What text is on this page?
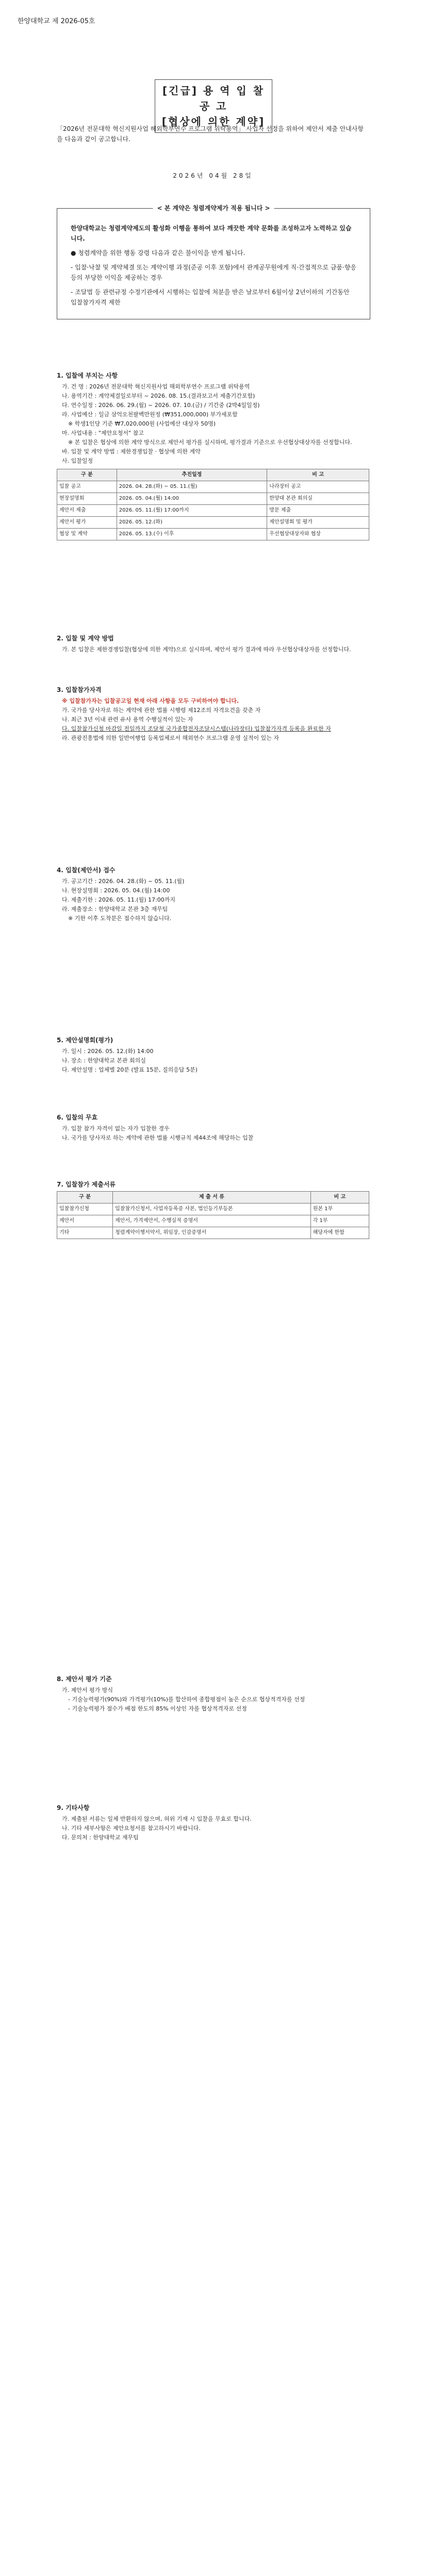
한양대학교 제 2026-05호
[긴급] 용 역 입 찰 공 고
[협상에 의한 계약]
「2026년 전문대학 혁신지원사업 해외학부연수 프로그램 위탁용역」 사업자 선정을 위하여 제안서 제출 안내사항을 다음과 같이 공고합니다.
2026년 04월 28일
< 본 계약은 청렴계약제가 적용 됩니다 >

한양대학교는 청렴계약제도의 활성화 이행을 통하여 보다 깨끗한 계약 문화를 조성하고자 노력하고 있습니다.

● 청렴계약을 위한 행동 강령 다음과 같은 불이익을 받게 됩니다.

- 입찰·낙찰 및 계약체결 또는 계약이행 과정(준공 이후 포함)에서 관계공무원에게 직·간접적으로 금품·향응 등의 부당한 이익을 제공하는 경우

- 조달법 등 관련규정 수정기관에서 시행하는 입찰에 처분을 받은 날로부터 6월이상 2년이하의 기간동안 입찰참가자격 제한

1. 입찰에 부치는 사항

가. 건 명 : 2026년 전문대학 혁신지원사업 해외학부연수 프로그램 위탁용역

나. 용역기간 : 계약체결일로부터 ~ 2026. 08. 15.(결과보고서 제출기간포함)

다. 연수일정 : 2026. 06. 29.(월) ~ 2026. 07. 10.(금) / 기간중 (2박4일일정)

라. 사업예산 : 일금 삼억오천팔백만원정 (₩351,000,000) 부가세포함

※ 학생1인당 기준 ₩7,020,000원 (사업예산 대상자 50명)

마. 사업내용 : "제안요청서" 참고

※ 본 입찰은 협상에 의한 계약 방식으로 제안서 평가를 실시하며, 평가결과 기준으로 우선협상대상자를 선정합니다.

바. 입찰 및 계약 방법 : 제한경쟁입찰 · 협상에 의한 계약

사. 입찰일정

구 분	추진일정	비 고
입찰 공고	2026. 04. 28.(화) ~ 05. 11.(월)	나라장터 공고
현장설명회	2026. 05. 04.(월) 14:00	한양대 본관 회의실
제안서 제출	2026. 05. 11.(월) 17:00까지	방문 제출
제안서 평가	2026. 05. 12.(화)	제안설명회 및 평가
협상 및 계약	2026. 05. 13.(수) 이후	우선협상대상자와 협상
2. 입찰 및 계약 방법

가. 본 입찰은 제한경쟁입찰(협상에 의한 계약)으로 실시하며, 제안서 평가 결과에 따라 우선협상대상자를 선정합니다.

3. 입찰참가자격

※ 입찰참가자는 입찰공고일 현재 아래 사항을 모두 구비하여야 합니다.

가. 국가를 당사자로 하는 계약에 관한 법률 시행령 제12조의 자격요건을 갖춘 자

나. 최근 3년 이내 관련 유사 용역 수행실적이 있는 자

다. 입찰참가신청 마감일 전일까지 조달청 국가종합전자조달시스템(나라장터) 입찰참가자격 등록을 완료한 자

라. 관광진흥법에 의한 일반여행업 등록업체로서 해외연수 프로그램 운영 실적이 있는 자

4. 입찰(제안서) 접수

가. 공고기간 : 2026. 04. 28.(화) ~ 05. 11.(월)

나. 현장설명회 : 2026. 05. 04.(월) 14:00

다. 제출기한 : 2026. 05. 11.(월) 17:00까지

라. 제출장소 : 한양대학교 본관 3층 재무팀

※ 기한 이후 도착분은 접수하지 않습니다.

5. 제안설명회(평가)

가. 일시 : 2026. 05. 12.(화) 14:00

나. 장소 : 한양대학교 본관 회의실

다. 제안설명 : 업체별 20분 (발표 15분, 질의응답 5분)

6. 입찰의 무효

가. 입찰 참가 자격이 없는 자가 입찰한 경우

나. 국가를 당사자로 하는 계약에 관한 법률 시행규칙 제44조에 해당하는 입찰

7. 입찰참가 제출서류
구 분	제 출 서 류	비 고
입찰참가신청	입찰참가신청서, 사업자등록증 사본, 법인등기부등본	원본 1부
제안서	제안서, 가격제안서, 수행실적 증명서	각 1부
기타	청렴계약이행서약서, 위임장, 인감증명서	해당자에 한함
8. 제안서 평가 기준

가. 제안서 평가 방식

- 기술능력평가(90%)와 가격평가(10%)를 합산하여 종합평점이 높은 순으로 협상적격자를 선정

- 기술능력평가 점수가 배점 한도의 85% 이상인 자를 협상적격자로 선정

9. 기타사항

가. 제출된 서류는 일체 반환하지 않으며, 허위 기재 시 입찰을 무효로 합니다.

나. 기타 세부사항은 제안요청서를 참고하시기 바랍니다.

다. 문의처 : 한양대학교 재무팀
